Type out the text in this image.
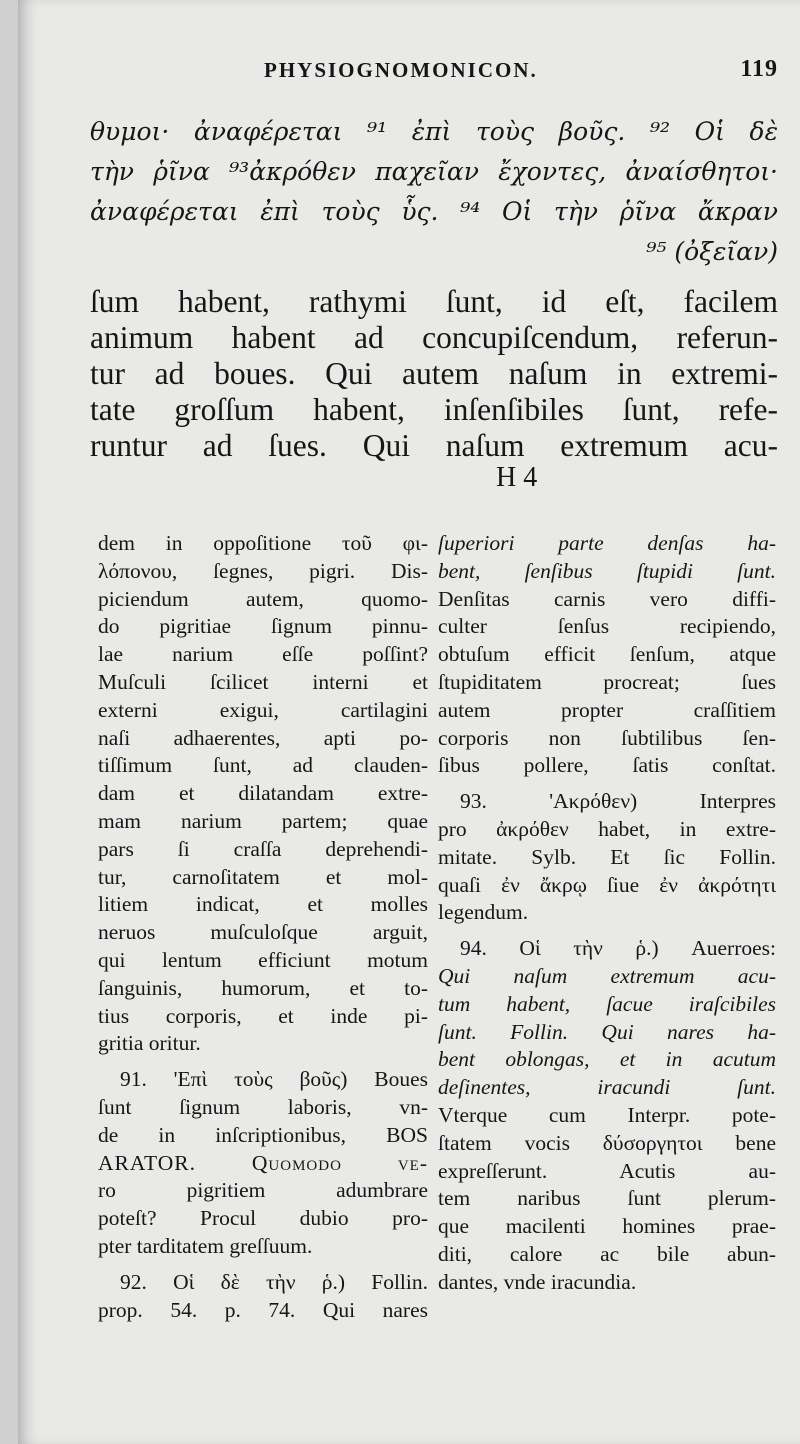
PHYSIOGNOMONICON.	119
θυμοι· ἀναφέρεται ⁹¹ ἐπὶ τοὺς βοῦς. ⁹² Οἱ δὲ
τὴν ῥῖνα ⁹³ἀκρόθεν παχεῖαν ἔχοντες, ἀναίσθητοι·
ἀναφέρεται ἐπὶ τοὺς ὗς. ⁹⁴ Οἱ τὴν ῥῖνα ἄκραν
⁹⁵ (ὀξεῖαν)
ſum habent, rathymi ſunt, id eſt, facilem
animum habent ad concupiſcendum, referun-
tur ad boues. Qui autem naſum in extremi-
tate groſſum habent, inſenſibiles ſunt, refe-
runtur ad ſues. Qui naſum extremum acu-
H 4

dem in oppoſitione τοῦ φι-
λόπονου, ſegnes, pigri. Dis-
piciendum autem, quomo-
do pigritiae ſignum pinnu-
lae narium eſſe poſſint?
Muſculi ſcilicet interni et
externi exigui, cartilagini
naſi adhaerentes, apti po-
tiſſimum ſunt, ad clauden-
dam et dilatandam extre-
mam narium partem; quae
pars ſi craſſa deprehendi-
tur, carnoſitatem et mol-
litiem indicat, et molles
neruos muſculoſque arguit,
qui lentum efficiunt motum
ſanguinis, humorum, et to-
tius corporis, et inde pi-
gritia oritur.

91. 'Επὶ τοὺς βοῦς) Boues
ſunt ſignum laboris, vn-
de in inſcriptionibus, BOS
ARATOR. Quomodo ve-
ro pigritiem adumbrare
poteſt? Procul dubio pro-
pter tarditatem greſſuum.

92. Οἱ δὲ τὴν ῥ.) Follin.
prop. 54. p. 74. Qui nares

ſuperiori parte denſas ha-
bent, ſenſibus ſtupidi ſunt.
Denſitas carnis vero diffi-
culter ſenſus recipiendo,
obtuſum efficit ſenſum, atque
ſtupiditatem procreat; ſues
autem propter craſſitiem
corporis non ſubtilibus ſen-
ſibus pollere, ſatis conſtat.

93. 'Ακρόθεν) Interpres
pro ἀκρόθεν habet, in extre-
mitate. Sylb. Et ſic Follin.
quaſi ἐν ἄκρῳ ſiue ἐν ἀκρότητι
legendum.

94. Οἱ τὴν ῥ.) Auerroes:
Qui naſum extremum acu-
tum habent, ſacue iraſcibiles
ſunt. Follin. Qui nares ha-
bent oblongas, et in acutum
deſinentes, iracundi ſunt.
Vterque cum Interpr. pote-
ſtatem vocis δύσοργητοι bene
expreſſerunt. Acutis au-
tem naribus ſunt plerum-
que macilenti homines prae-
diti, calore ac bile abun-
dantes, vnde iracundia.
